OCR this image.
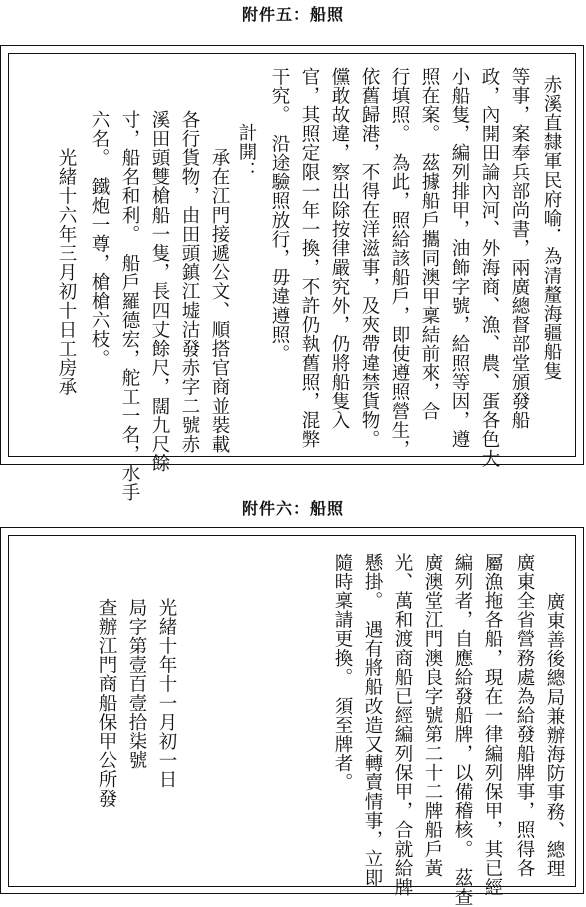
附件五：船照
赤溪直隸軍民府喻．為清釐海疆船隻
等事，案奉兵部尚書，兩廣總督部堂頒發船
政，內開田論內河、外海商、漁、農、蛋各色大
小船隻，編列排甲，油飾字號，給照等因，遵
照在案。　茲據船戶攜同澳甲稟結前來，合
行填照。　為此，照給該船戶，即使遵照營生，
依舊歸港，不得在洋滋事，及夾帶違禁貨物。
儻敢故違，察出除按律嚴究外，仍將船隻入
官，其照定限一年一換，不許仍執舊照，混弊
干究。　沿途驗照放行，毋違遵照。
計開：
　　承在江門接遞公文、順搭官商並裝載
各行貨物，由田頭鎮江墟沽發赤字二號赤
溪田頭雙槍船一隻，長四丈餘尺，闊九尺餘
寸，船名和利。　船戶羅德宏，舵工一名，水手
六名。　鐵炮一尊，槍槍六枝。
　　光緒十六年三月初十日工房承
附件六：船照
廣東善後總局兼辦海防事務、總理
廣東全省營務處為給發船牌事，照得各
屬漁拖各船，現在一律編列保甲，其已經
編列者，自應給發船牌，以備稽核。　茲查
廣澳堂江門澳良字號第二十二牌船戶黃
光、萬和渡商船已經編列保甲，合就給牌
懸掛。　遇有將船改造又轉賣情事，立即
隨時稟請更換。　須至牌者。
光緒十年十一月初一日
局字第壹百壹拾柒號
查辦江門商船保甲公所發
